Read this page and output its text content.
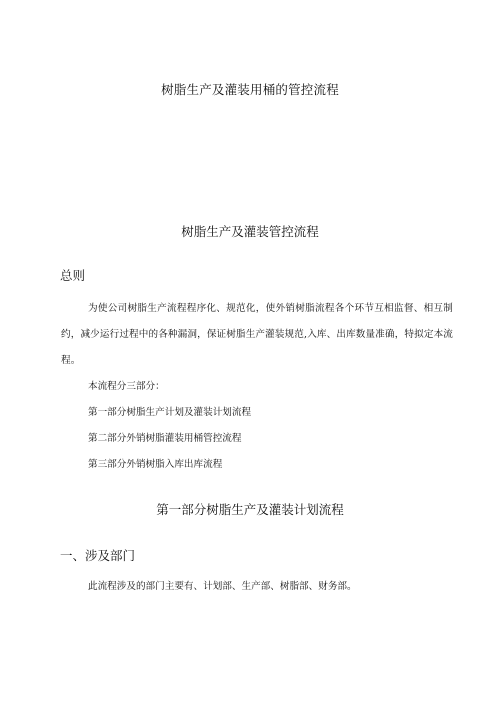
树脂生产及灌装用桶的管控流程
树脂生产及灌装管控流程
总则

为使公司树脂生产流程程序化、规范化，使外销树脂流程各个环节互相监督、相互制约，减少运行过程中的各种漏洞，保证树脂生产灌装规范,入库、出库数量准确，特拟定本流程。

本流程分三部分：
第一部分树脂生产计划及灌装计划流程
第二部分外销树脂灌装用桶管控流程
第三部分外销树脂入库出库流程
第一部分树脂生产及灌装计划流程
一、涉及部门
此流程涉及的部门主要有、计划部、生产部、树脂部、财务部。
